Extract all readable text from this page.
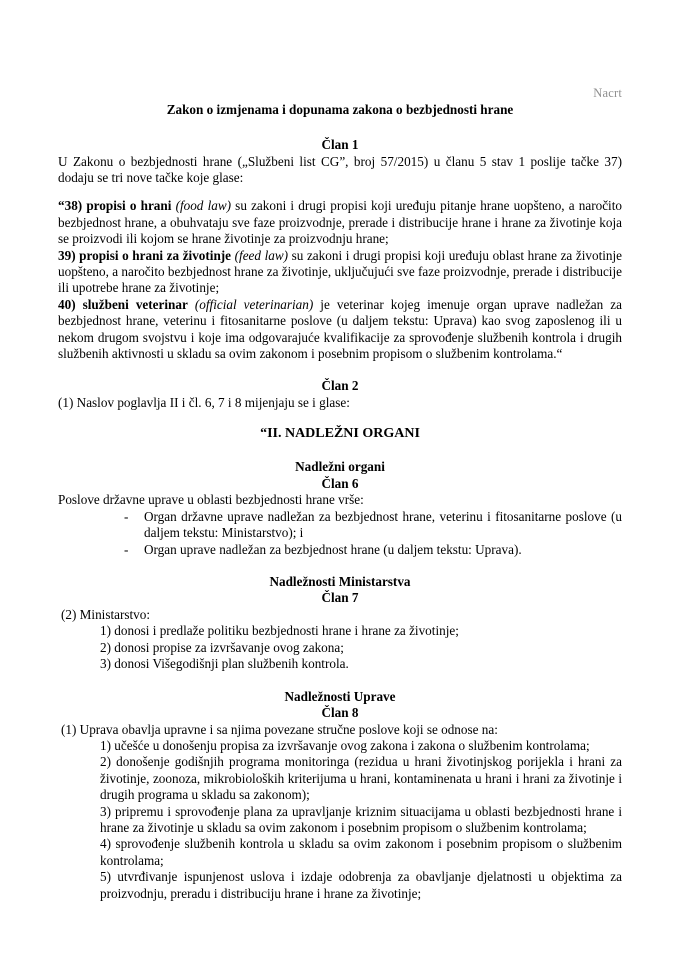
Nacrt
Zakon o izmjenama i dopunama zakona o bezbjednosti hrane
Član 1

U Zakonu o bezbjednosti hrane („Službeni list CG”, broj 57/2015) u članu 5 stav 1 poslije tačke 37) dodaju se tri nove tačke koje glase:

“38) propisi o hrani (food law) su zakoni i drugi propisi koji uređuju pitanje hrane uopšteno, a naročito bezbjednost hrane, a obuhvataju sve faze proizvodnje, prerade i distribucije hrane i hrane za životinje koja se proizvodi ili kojom se hrane životinje za proizvodnju hrane;

39) propisi o hrani za životinje (feed law) su zakoni i drugi propisi koji uređuju oblast hrane za životinje uopšteno, a naročito bezbjednost hrane za životinje, uključujući sve faze proizvodnje, prerade i distribucije ili upotrebe hrane za životinje;

40) službeni veterinar (official veterinarian) je veterinar kojeg imenuje organ uprave nadležan za bezbjednost hrane, veterinu i fitosanitarne poslove (u daljem tekstu: Uprava) kao svog zaposlenog ili u nekom drugom svojstvu i koje ima odgovarajuće kvalifikacije za sprovođenje službenih kontrola i drugih službenih aktivnosti u skladu sa ovim zakonom i posebnim propisom o službenim kontrolama.“

Član 2

(1) Naslov poglavlja II i čl. 6, 7 i 8 mijenjaju se i glase:

“II. NADLEŽNI ORGANI
Nadležni organi
Član 6

Poslove državne uprave u oblasti bezbjednosti hrane vrše:

- Organ državne uprave nadležan za bezbjednost hrane, veterinu i fitosanitarne poslove (u daljem tekstu: Ministarstvo); i
- Organ uprave nadležan za bezbjednost hrane (u daljem tekstu: Uprava).
Nadležnosti Ministarstva
Član 7

(2) Ministarstvo:

1) donosi i predlaže politiku bezbjednosti hrane i hrane za životinje;

2) donosi propise za izvršavanje ovog zakona;

3) donosi Višegodišnji plan službenih kontrola.

Nadležnosti Uprave
Član 8

(1) Uprava obavlja upravne i sa njima povezane stručne poslove koji se odnose na:

1) učešće u donošenju propisa za izvršavanje ovog zakona i zakona o službenim kontrolama;

2) donošenje godišnjih programa monitoringa (rezidua u hrani životinjskog porijekla i hrani za životinje, zoonoza, mikrobioloških kriterijuma u hrani, kontaminenata u hrani i hrani za životinje i drugih programa u skladu sa zakonom);

3) pripremu i sprovođenje plana za upravljanje kriznim situacijama u oblasti bezbjednosti hrane i hrane za životinje u skladu sa ovim zakonom i posebnim propisom o službenim kontrolama;

4) sprovođenje službenih kontrola u skladu sa ovim zakonom i posebnim propisom o službenim kontrolama;

5) utvrđivanje ispunjenost uslova i izdaje odobrenja za obavljanje djelatnosti u objektima za proizvodnju, preradu i distribuciju hrane i hrane za životinje;
